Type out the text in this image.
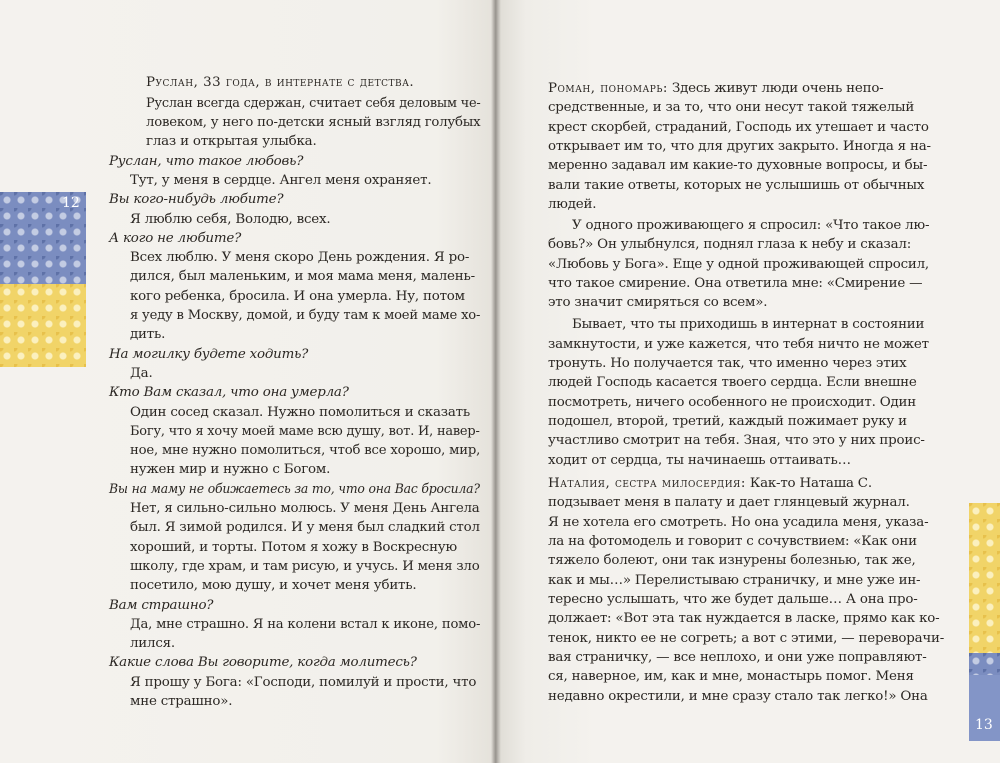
12
13

Руслан, 33 года, в интернате с детства.

Руслан всегда сдержан, считает себя деловым че-

ловеком, у него по-детски ясный взгляд голубых

глаз и открытая улыбка.

Руслан, что такое любовь?

Тут, у меня в сердце. Ангел меня охраняет.

Вы кого-нибудь любите?

Я люблю себя, Володю, всех.

А кого не любите?

Всех люблю. У меня скоро День рождения. Я ро-

дился, был маленьким, и моя мама меня, малень-

кого ребенка, бросила. И она умерла. Ну, потом

я уеду в Москву, домой, и буду там к моей маме хо-

дить.

На могилку будете ходить?

Да.

Кто Вам сказал, что она умерла?

Один сосед сказал. Нужно помолиться и сказать

Богу, что я хочу моей маме всю душу, вот. И, навер-

ное, мне нужно помолиться, чтоб все хорошо, мир,

нужен мир и нужно с Богом.

Вы на маму не обижаетесь за то, что она Вас бросила?

Нет, я сильно-сильно молюсь. У меня День Ангела

был. Я зимой родился. И у меня был сладкий стол

хороший, и торты. Потом я хожу в Воскресную

школу, где храм, и там рисую, и учусь. И меня зло

посетило, мою душу, и хочет меня убить.

Вам страшно?

Да, мне страшно. Я на колени встал к иконе, помо-

лился.

Какие слова Вы говорите, когда молитесь?

Я прошу у Бога: «Господи, помилуй и прости, что

мне страшно».

Роман, пономарь: Здесь живут люди очень непо-

средственные, и за то, что они несут такой тяжелый

крест скорбей, страданий, Господь их утешает и часто

открывает им то, что для других закрыто. Иногда я на-

меренно задавал им какие-то духовные вопросы, и бы-

вали такие ответы, которых не услышишь от обычных

людей.

У одного проживающего я спросил: «Что такое лю-

бовь?» Он улыбнулся, поднял глаза к небу и сказал:

«Любовь у Бога». Еще у одной проживающей спросил,

что такое смирение. Она ответила мне: «Смирение —

это значит смиряться со всем».

Бывает, что ты приходишь в интернат в состоянии

замкнутости, и уже кажется, что тебя ничто не может

тронуть. Но получается так, что именно через этих

людей Господь касается твоего сердца. Если внешне

посмотреть, ничего особенного не происходит. Один

подошел, второй, третий, каждый пожимает руку и

участливо смотрит на тебя. Зная, что это у них проис-

ходит от сердца, ты начинаешь оттаивать…

Наталия, сестра милосердия: Как-то Наташа С.

подзывает меня в палату и дает глянцевый журнал.

Я не хотела его смотреть. Но она усадила меня, указа-

ла на фотомодель и говорит с сочувствием: «Как они

тяжело болеют, они так изнурены болезнью, так же,

как и мы…» Перелистываю страничку, и мне уже ин-

тересно услышать, что же будет дальше… А она про-

должает: «Вот эта так нуждается в ласке, прямо как ко-

тенок, никто ее не согреть; а вот с этими, — переворачи-

вая страничку, — все неплохо, и они уже поправляют-

ся, наверное, им, как и мне, монастырь помог. Меня

недавно окрестили, и мне сразу стало так легко!» Она
